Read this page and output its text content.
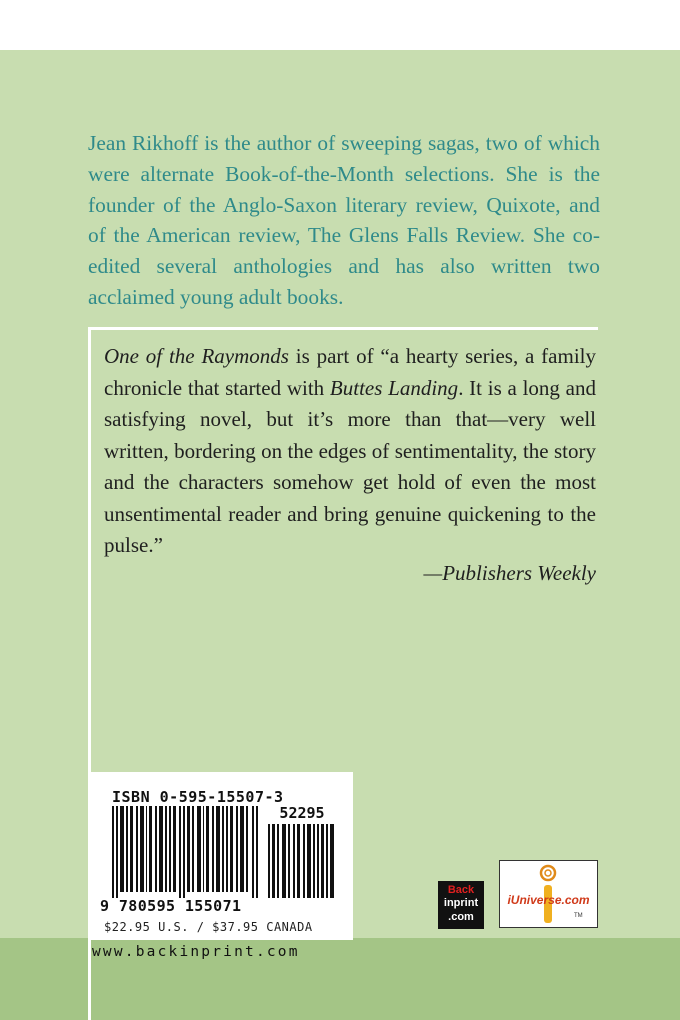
Jean Rikhoff is the author of sweeping sagas, two of which were alternate Book-of-the-Month selections. She is the founder of the Anglo-Saxon literary review, Quixote, and of the American review, The Glens Falls Review. She co-edited several anthologies and has also written two acclaimed young adult books.

One of the Raymonds is part of “a hearty series, a family chronicle that started with Buttes Landing. It is a long and satisfying novel, but it’s more than that—very well written, bordering on the edges of sentimentality, the story and the characters somehow get hold of even the most unsentimental reader and bring genuine quickening to the pulse.”

—Publishers Weekly
ISBN 0-595-15507-3
52295
9 780595 155071
$22.95 U.S. / $37.95 CANADA
www.backinprint.com
Back
inprint
.com
iUniverse.com
TM
